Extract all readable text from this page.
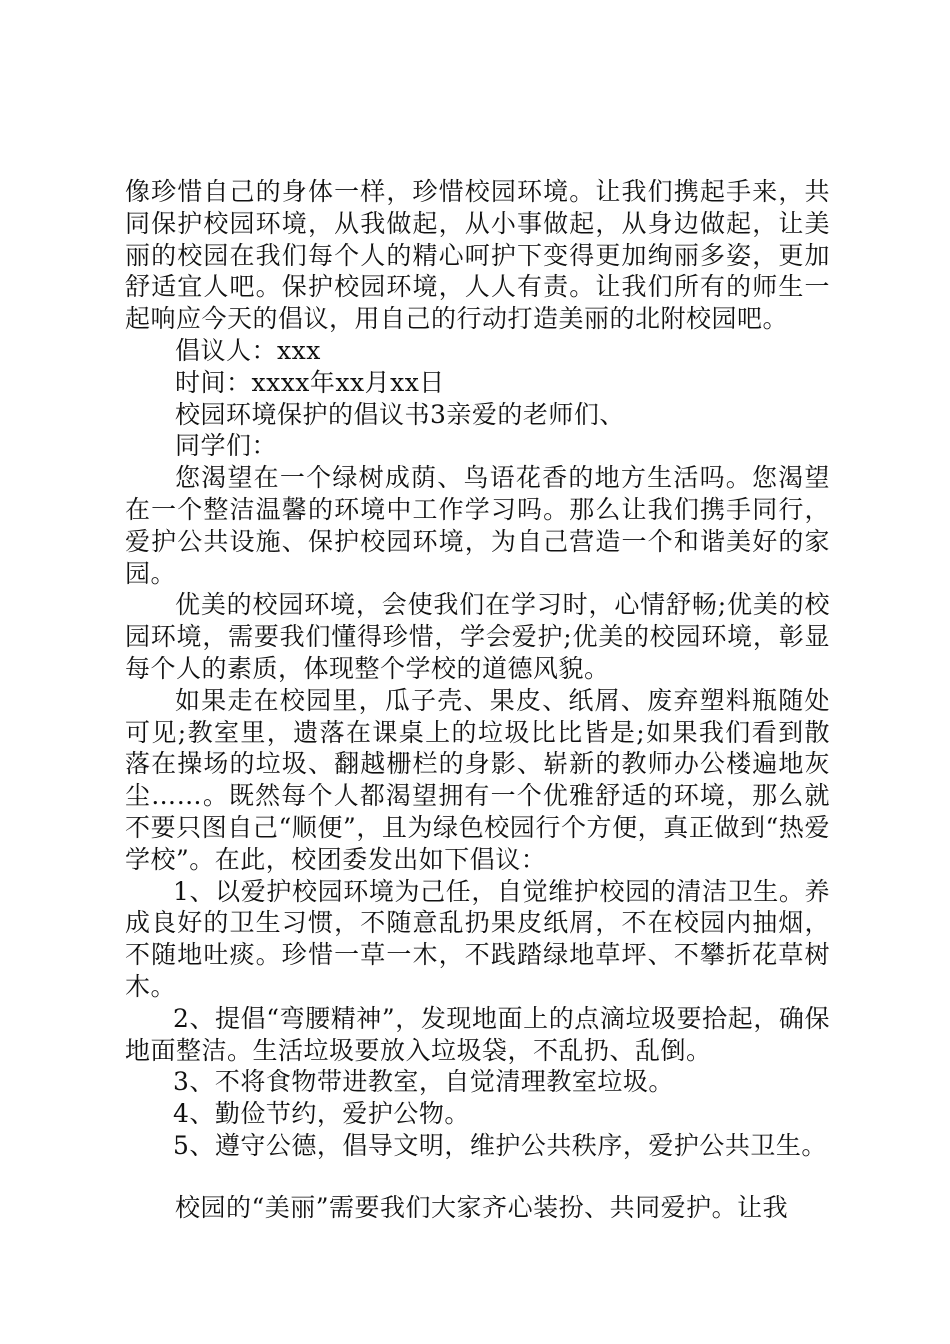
像珍惜自己的身体一样，珍惜校园环境。让我们携起手来，共同保护校园环境，从我做起，从小事做起，从身边做起，让美丽的校园在我们每个人的精心呵护下变得更加绚丽多姿，更加舒适宜人吧。保护校园环境，人人有责。让我们所有的师生一起响应今天的倡议，用自己的行动打造美丽的北附校园吧。

倡议人：xxx

时间：xxxx年xx月xx日

校园环境保护的倡议书3亲爱的老师们、

同学们：

您渴望在一个绿树成荫、鸟语花香的地方生活吗。您渴望在一个整洁温馨的环境中工作学习吗。那么让我们携手同行，爱护公共设施、保护校园环境，为自己营造一个和谐美好的家园。

优美的校园环境，会使我们在学习时，心情舒畅;优美的校园环境，需要我们懂得珍惜，学会爱护;优美的校园环境，彰显每个人的素质，体现整个学校的道德风貌。

如果走在校园里，瓜子壳、果皮、纸屑、废弃塑料瓶随处可见;教室里，遗落在课桌上的垃圾比比皆是;如果我们看到散落在操场的垃圾、翻越栅栏的身影、崭新的教师办公楼遍地灰尘……。既然每个人都渴望拥有一个优雅舒适的环境，那么就不要只图自己“顺便”，且为绿色校园行个方便，真正做到“热爱学校”。在此，校团委发出如下倡议：

1、以爱护校园环境为己任，自觉维护校园的清洁卫生。养成良好的卫生习惯，不随意乱扔果皮纸屑，不在校园内抽烟，不随地吐痰。珍惜一草一木，不践踏绿地草坪、不攀折花草树木。

2、提倡“弯腰精神”，发现地面上的点滴垃圾要拾起，确保地面整洁。生活垃圾要放入垃圾袋，不乱扔、乱倒。

3、不将食物带进教室，自觉清理教室垃圾。

4、勤俭节约，爱护公物。

5、遵守公德，倡导文明，维护公共秩序，爱护公共卫生。

校园的“美丽”需要我们大家齐心装扮、共同爱护。让我
